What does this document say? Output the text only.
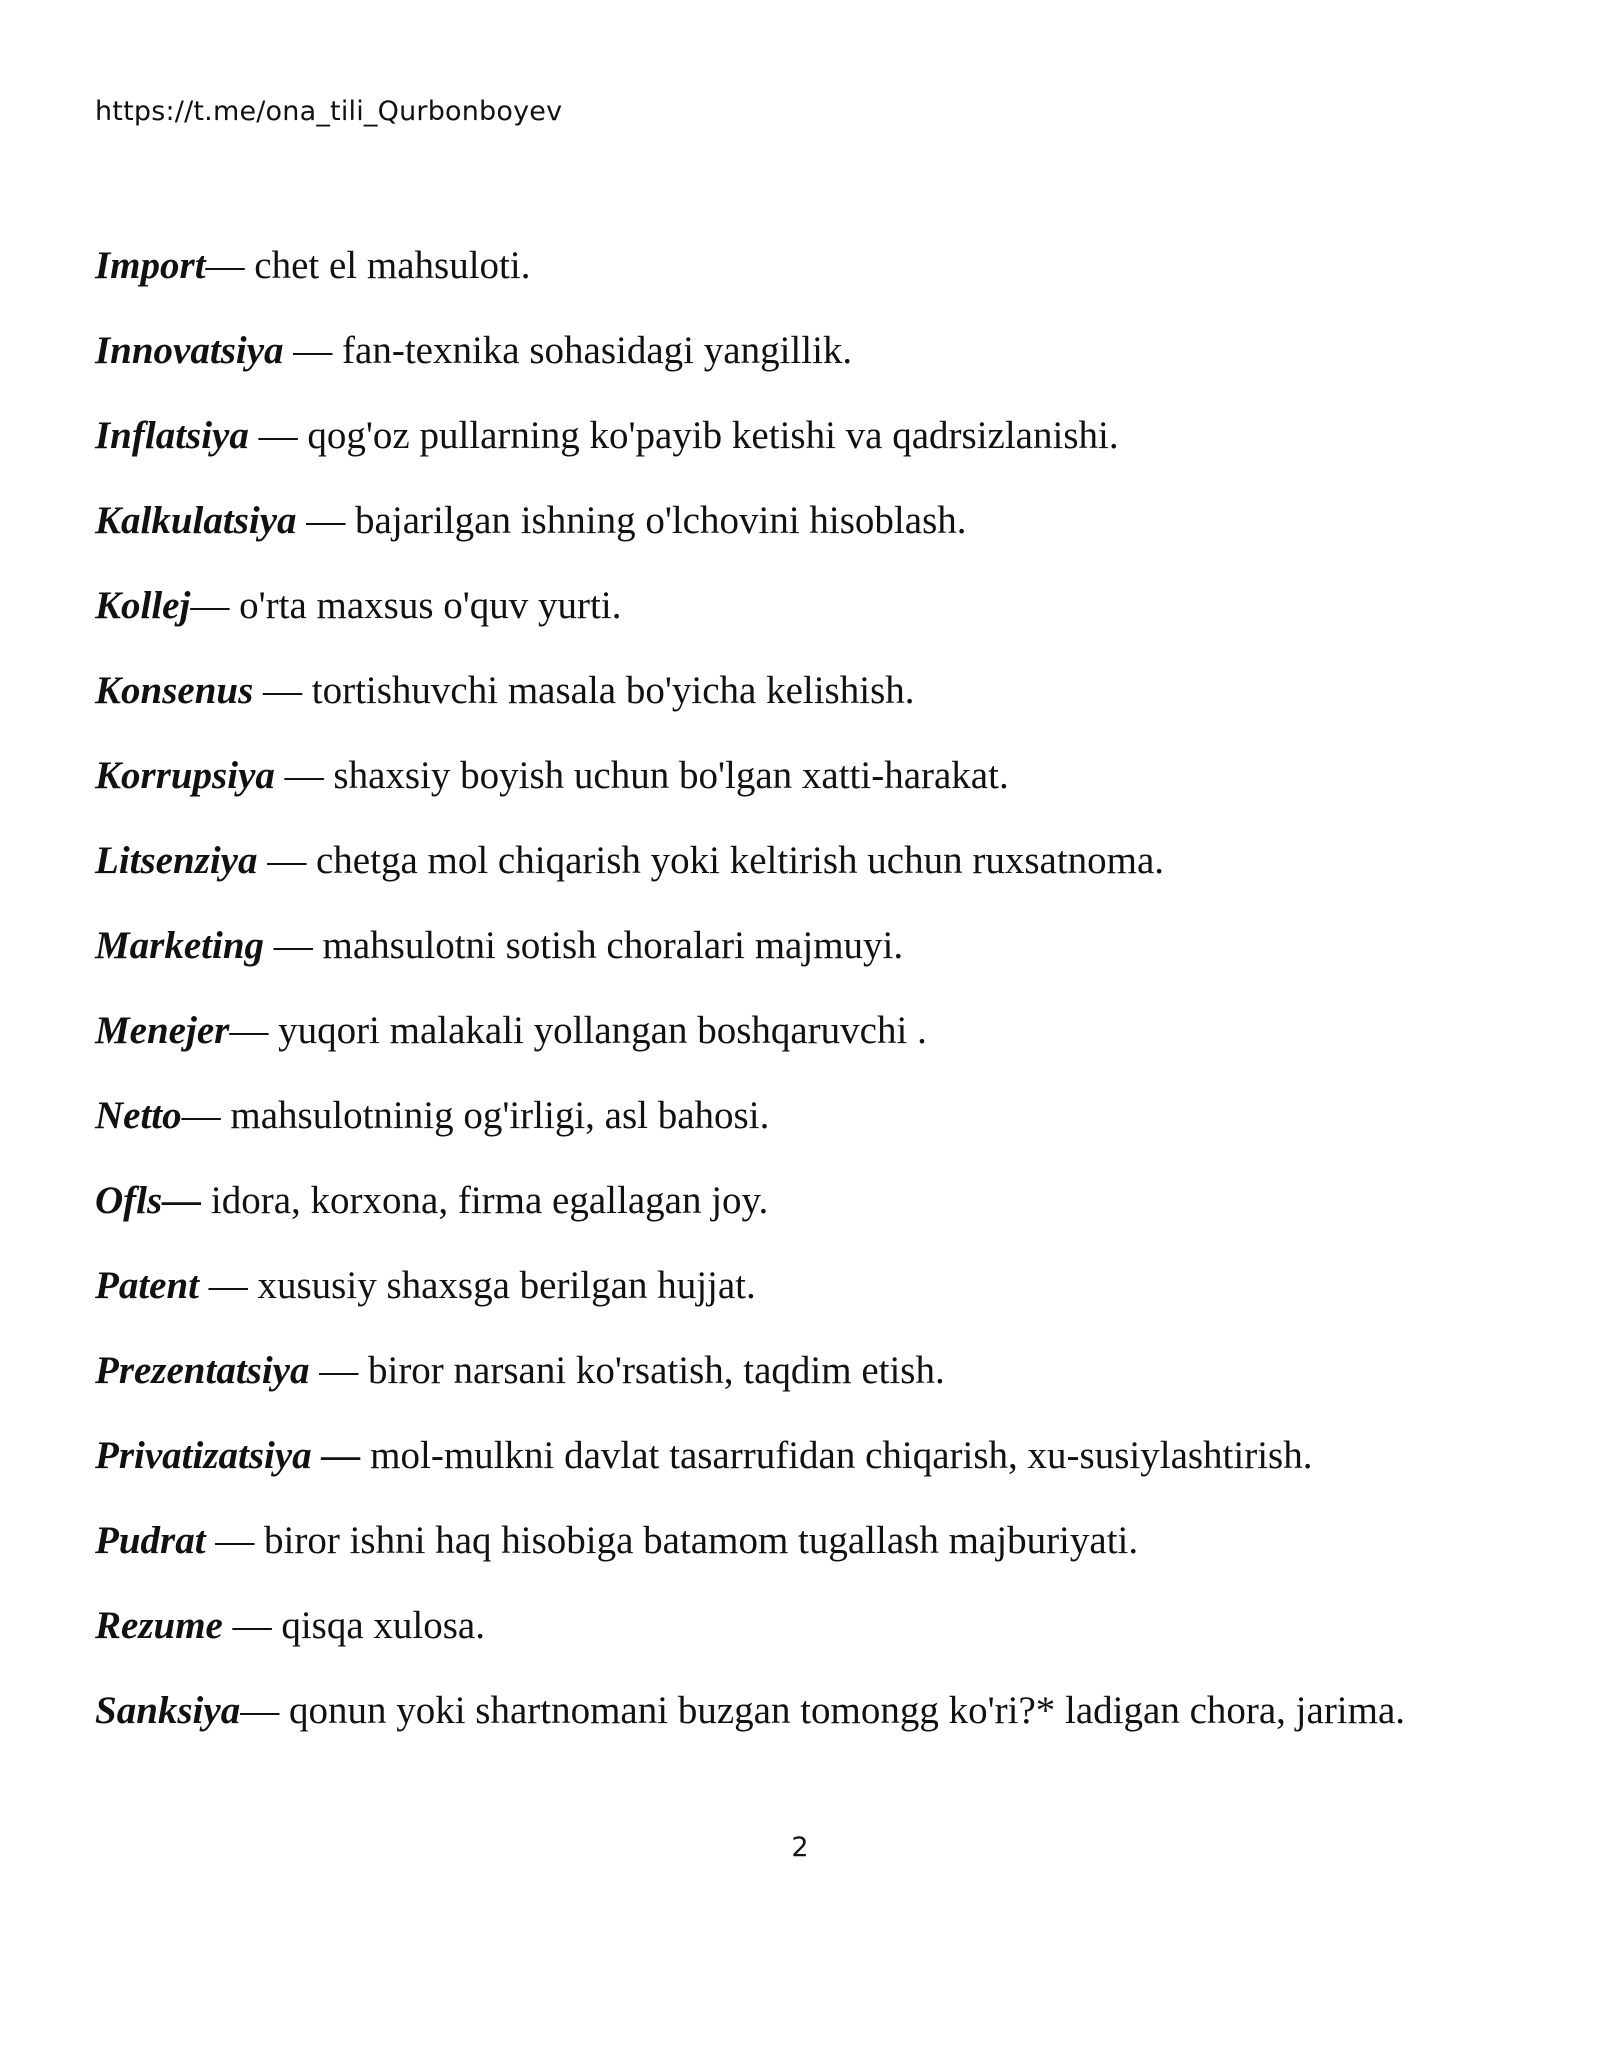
https://t.me/ona_tili_Qurbonboyev
Import— chet el mahsuloti.
Innovatsiya — fan-texnika sohasidagi yangillik.
Inflatsiya — qog'oz pullarning ko'payib ketishi va qadrsizlanishi.
Kalkulatsiya — bajarilgan ishning o'lchovini hisoblash.
Kollej— o'rta maxsus o'quv yurti.
Konsenus — tortishuvchi masala bo'yicha kelishish.
Korrupsiya — shaxsiy boyish uchun bo'lgan xatti-harakat.
Litsenziya — chetga mol chiqarish yoki keltirish uchun ruxsatnoma.
Marketing — mahsulotni sotish choralari majmuyi.
Menejer— yuqori malakali yollangan boshqaruvchi .
Netto— mahsulotninig og'irligi, asl bahosi.
Ofls— idora, korxona, firma egallagan joy.
Patent — xususiy shaxsga berilgan hujjat.
Prezentatsiya — biror narsani ko'rsatish, taqdim etish.
Privatizatsiya — mol-mulkni davlat tasarrufidan chiqarish, xu-susiylashtirish.
Pudrat — biror ishni haq hisobiga batamom tugallash majburiyati.
Rezume — qisqa xulosa.
Sanksiya— qonun yoki shartnomani buzgan tomongg ko'ri?* ladigan chora, jarima.
2
